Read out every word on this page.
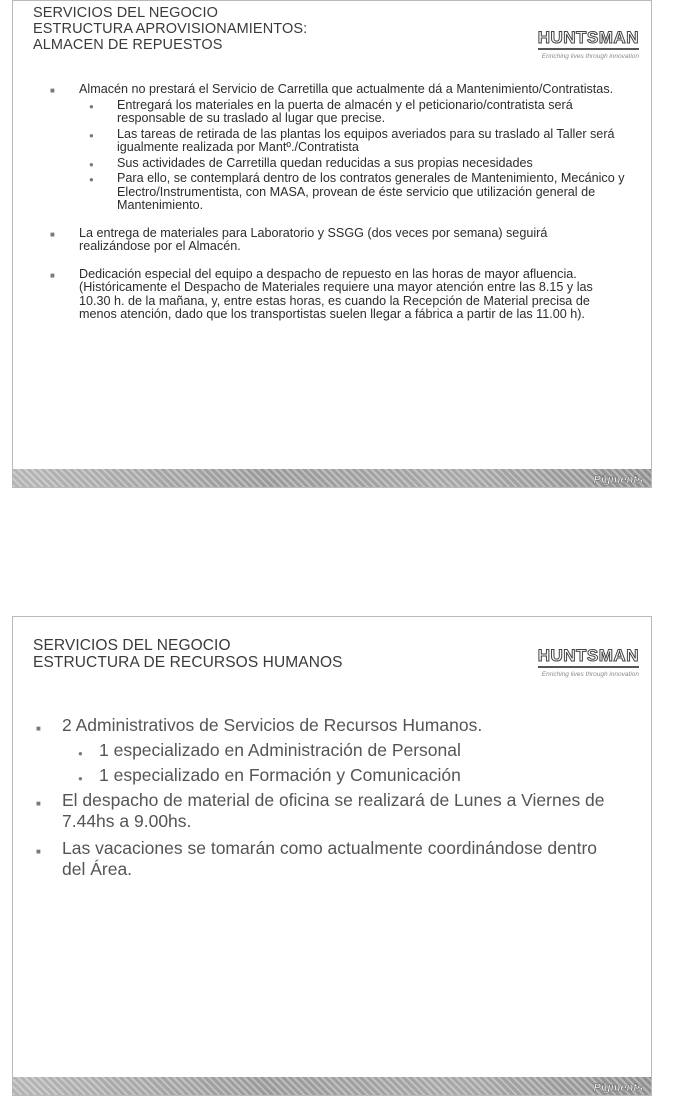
SERVICIOS DEL NEGOCIO
ESTRUCTURA APROVISIONAMIENTOS:
ALMACEN DE REPUESTOS	HUNTSMAN
Enriching lives through innovation
■ Almacén no prestará el Servicio de Carretilla que actualmente dá a Mantenimiento/Contratistas.
● Entregará los materiales en la puerta de almacén y el peticionario/contratista será responsable de su traslado al lugar que precise.
● Las tareas de retirada de las plantas los equipos averiados para su traslado al Taller será igualmente realizada por Mantº./Contratista
● Sus actividades de Carretilla quedan reducidas a sus propias necesidades
● Para ello, se contemplará dentro de los contratos generales de Mantenimiento, Mecánico y Electro/Instrumentista, con MASA, provean de éste servicio que utilización general de Mantenimiento.
■ La entrega de materiales para Laboratorio y SSGG (dos veces por semana) seguirá realizándose por el Almacén.
■ Dedicación especial del equipo a despacho de repuesto en las horas de mayor afluencia. (Históricamente el Despacho de Materiales requiere una mayor atención entre las 8.15 y las 10.30 h. de la mañana, y, entre estas horas, es cuando la Recepción de Material precisa de menos atención, dado que los transportistas suelen llegar a fábrica a partir de las 11.00 h).
Pigments
SERVICIOS DEL NEGOCIO
ESTRUCTURA DE RECURSOS HUMANOS	HUNTSMAN
Enriching lives through innovation
■ 2 Administrativos de Servicios de Recursos Humanos.
● 1 especializado en Administración de Personal
● 1 especializado en Formación y Comunicación
■ El despacho de material de oficina se realizará de Lunes a Viernes de 7.44hs a 9.00hs.
■ Las vacaciones se tomarán como actualmente coordinándose dentro del Área.
Pigments
